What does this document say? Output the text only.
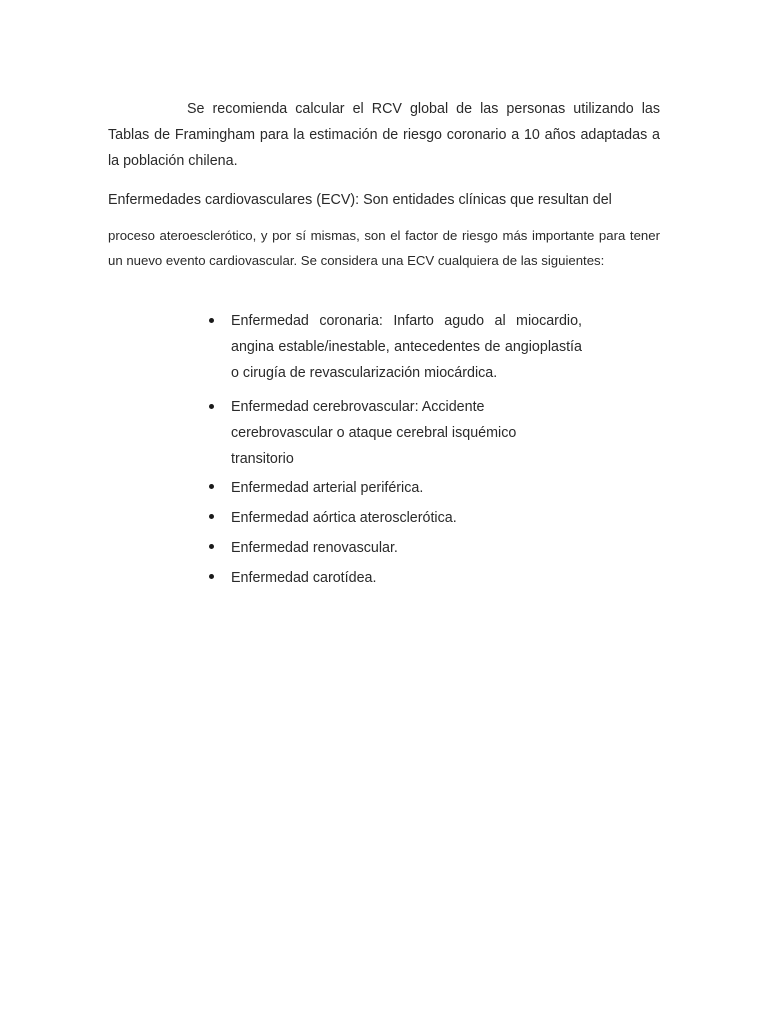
Se recomienda calcular el RCV global de las personas utilizando las Tablas de Framingham para la estimación de riesgo coronario a 10 años adaptadas a la población chilena.

Enfermedades cardiovasculares (ECV): Son entidades clínicas que resultan del

proceso ateroesclerótico, y por sí mismas, son el factor de riesgo más importante para tener un nuevo evento cardiovascular. Se considera una ECV cualquiera de las siguientes:

Enfermedad coronaria: Infarto agudo al miocardio, angina estable/inestable, antecedentes de angioplastía o cirugía de revascularización miocárdica.
Enfermedad cerebrovascular: Accidente cerebrovascular o ataque cerebral isquémico transitorio
Enfermedad arterial periférica.
Enfermedad aórtica aterosclerótica.
Enfermedad renovascular.
Enfermedad carotídea.
